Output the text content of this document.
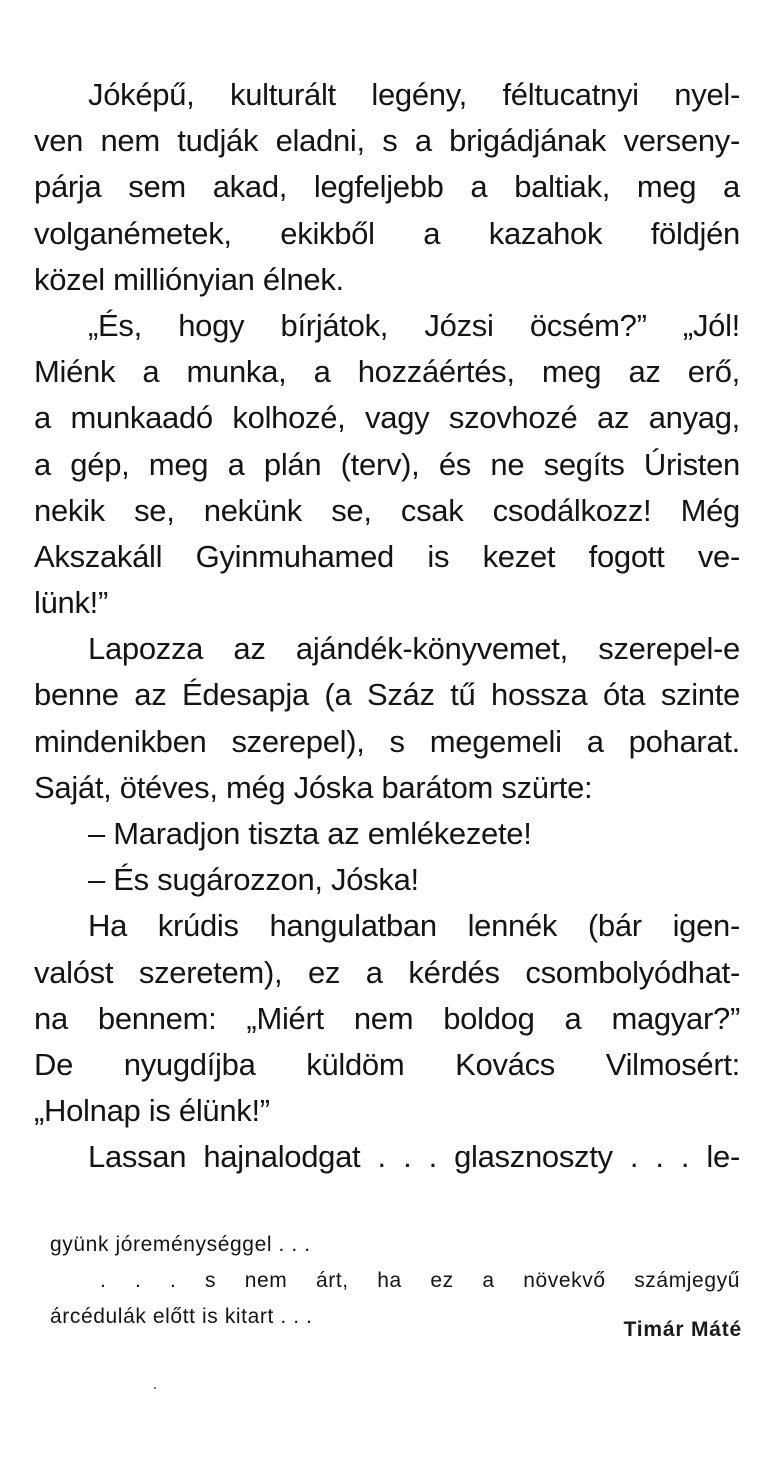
Jóképű, kulturált legény, féltucatnyi nyel-
ven nem tudják eladni, s a brigádjának verseny-
párja sem akad, legfeljebb a baltiak, meg a
volganémetek, ekikből a kazahok földjén
közel milliónyian élnek.
„És, hogy bírjátok, Józsi öcsém?” „Jól!
Miénk a munka, a hozzáértés, meg az erő,
a munkaadó kolhozé, vagy szovhozé az anyag,
a gép, meg a plán (terv), és ne segíts Úristen
nekik se, nekünk se, csak csodálkozz! Még
Akszakáll Gyinmuhamed is kezet fogott ve-
lünk!”
Lapozza az ajándék-könyvemet, szerepel-e
benne az Édesapja (a Száz tű hossza óta szinte
mindenikben szerepel), s megemeli a poharat.
Saját, ötéves, még Jóska barátom szürte:
– Maradjon tiszta az emlékezete!
– És sugározzon, Jóska!
Ha krúdis hangulatban lennék (bár igen-
valóst szeretem), ez a kérdés csombolyódhat-
na bennem: „Miért nem boldog a magyar?”
De nyugdíjba küldöm Kovács Vilmosért:
„Holnap is élünk!”
Lassan hajnalodgat . . . glasznoszty . . . le-
gyünk jóreménységgel . . .
. . . s nem árt, ha ez a növekvő számjegyű
árcédulák előtt is kitart . . .
Timár Máté
